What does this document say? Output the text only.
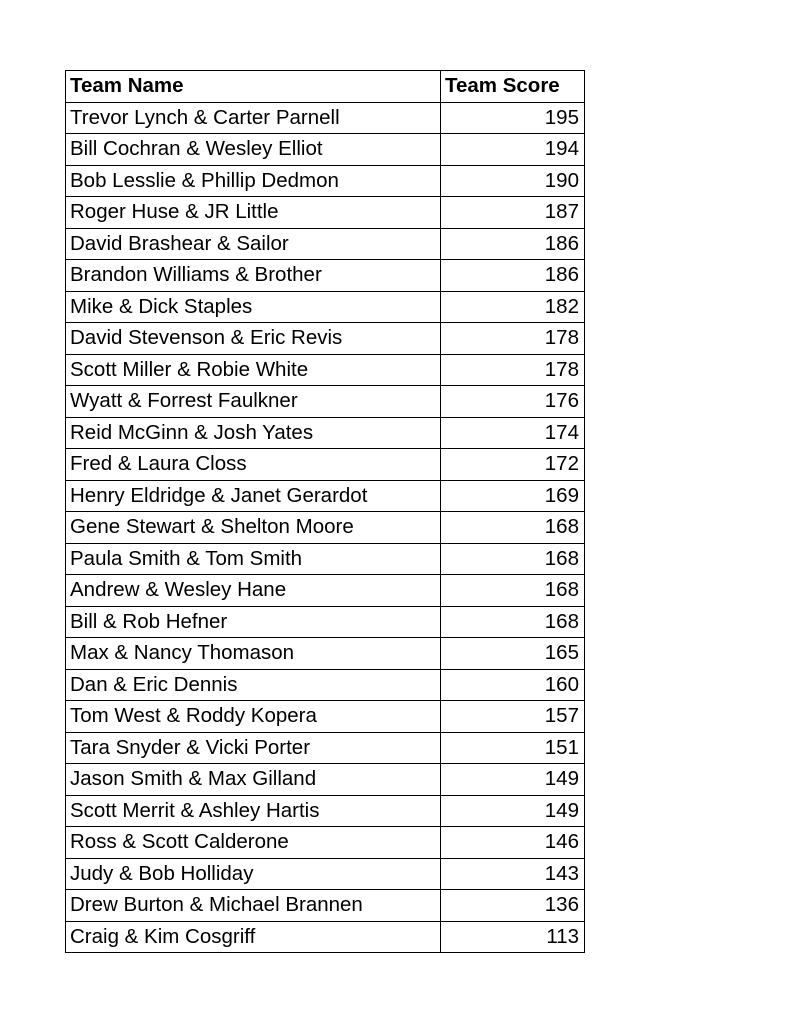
Team Name	Team Score
Trevor Lynch & Carter Parnell	195
Bill Cochran & Wesley Elliot	194
Bob Lesslie & Phillip Dedmon	190
Roger Huse & JR Little	187
David Brashear & Sailor	186
Brandon Williams & Brother	186
Mike & Dick Staples	182
David Stevenson & Eric Revis	178
Scott Miller & Robie White	178
Wyatt & Forrest Faulkner	176
Reid McGinn & Josh Yates	174
Fred & Laura Closs	172
Henry Eldridge & Janet Gerardot	169
Gene Stewart & Shelton Moore	168
Paula Smith & Tom Smith	168
Andrew & Wesley Hane	168
Bill & Rob Hefner	168
Max & Nancy Thomason	165
Dan & Eric Dennis	160
Tom West & Roddy Kopera	157
Tara Snyder & Vicki Porter	151
Jason Smith & Max Gilland	149
Scott Merrit & Ashley Hartis	149
Ross & Scott Calderone	146
Judy & Bob Holliday	143
Drew Burton & Michael Brannen	136
Craig & Kim Cosgriff	113
